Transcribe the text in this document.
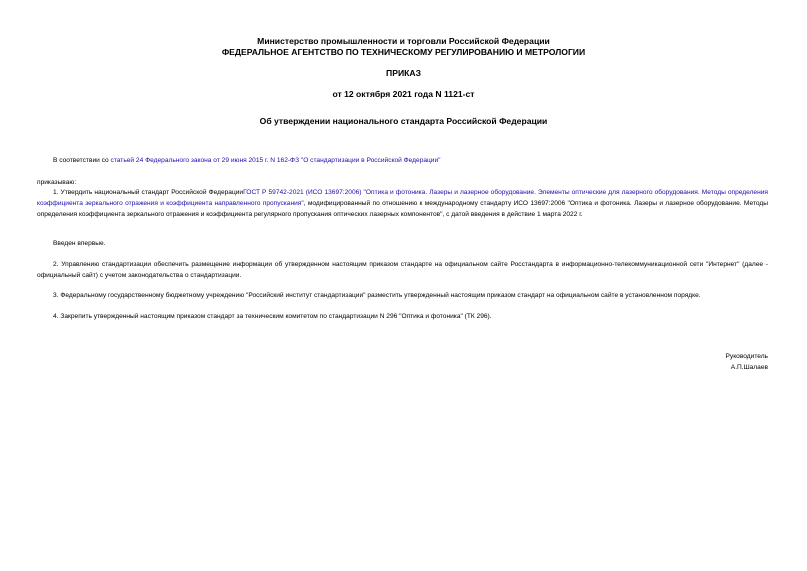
Министерство промышленности и торговли Российской Федерации
ФЕДЕРАЛЬНОЕ АГЕНТСТВО ПО ТЕХНИЧЕСКОМУ РЕГУЛИРОВАНИЮ И МЕТРОЛОГИИ
ПРИКАЗ
от 12 октября 2021 года N 1121-ст
Об утверждении национального стандарта Российской Федерации
В соответствии со статьей 24 Федерального закона от 29 июня 2015 г. N 162-ФЗ "О стандартизации в Российской Федерации"
приказываю:
1. Утвердить национальный стандарт Российской ФедерацииГОСТ Р 59742-2021 (ИСО 13697:2006) "Оптика и фотоника. Лазеры и лазерное оборудование. Элементы оптические для лазерного оборудования. Методы определения коэффициента зеркального отражения и коэффициента направленного пропускания", модифицированный по отношению к международному стандарту ИСО 13697:2006 "Оптика и фотоника. Лазеры и лазерное оборудование. Методы определения коэффициента зеркального отражения и коэффициента регулярного пропускания оптических лазерных компонентов", с датой введения в действие 1 марта 2022 г.
Введен впервые.
2. Управлению стандартизации обеспечить размещение информации об утвержденном настоящим приказом стандарте на официальном сайте Росстандарта в информационно-телекоммуникационной сети "Интернет" (далее - официальный сайт) с учетом законодательства о стандартизации.
3. Федеральному государственному бюджетному учреждению "Российский институт стандартизации" разместить утвержденный настоящим приказом стандарт на официальном сайте в установленном порядке.
4. Закрепить утвержденный настоящим приказом стандарт за техническим комитетом по стандартизации N 296 "Оптика и фотоника" (ТК 296).
Руководитель
А.П.Шалаев
